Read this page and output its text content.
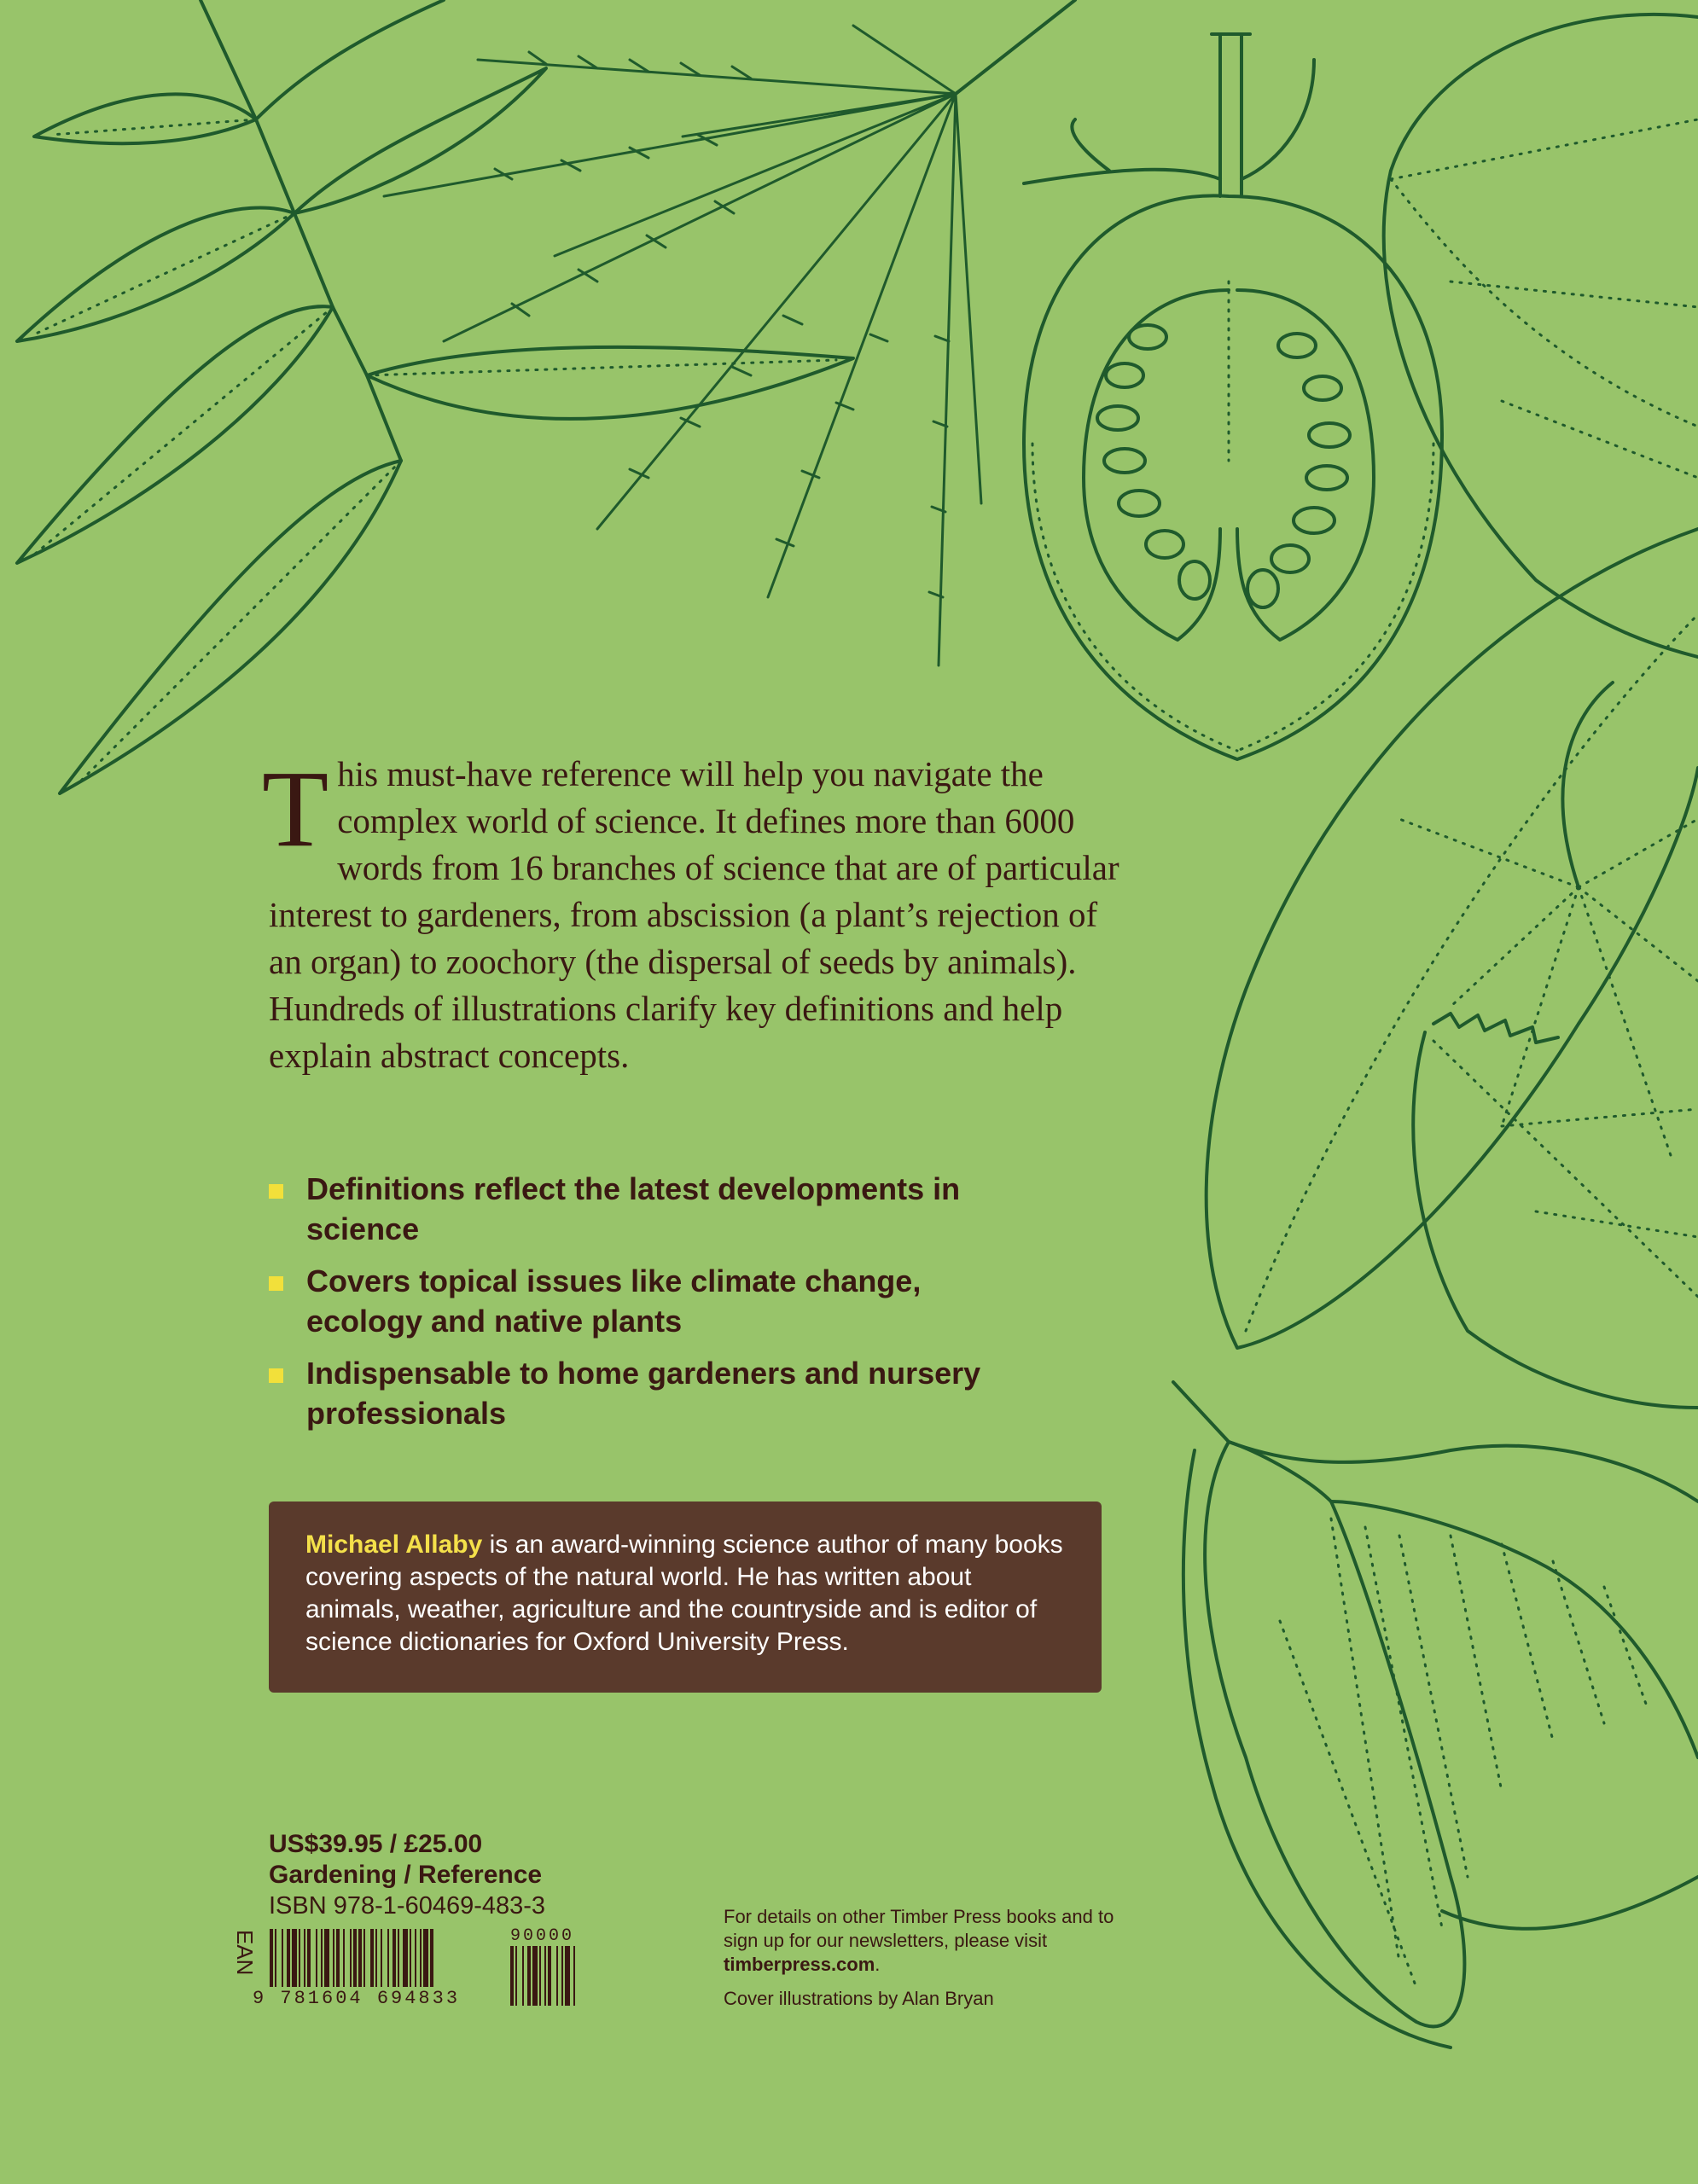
This must-have reference will help you navigate the complex world of science. It defines more than 6000 words from 16 branches of science that are of particular interest to gardeners, from abscission (a plant’s rejection of an organ) to zoochory (the dispersal of seeds by animals). Hundreds of illustrations clarify key definitions and help explain abstract concepts.

Definitions reflect the latest developments in science
Covers topical issues like climate change, ecology and native plants
Indispensable to home gardeners and nursery professionals
Michael Allaby is an award-winning science author of many books covering aspects of the natural world. He has written about animals, weather, agriculture and the countryside and is editor of science dictionaries for Oxford University Press.
US$39.95 / £25.00
Gardening / Reference
ISBN 978-1-60469-483-3
EAN	90000
9 781604 694833
For details on other Timber Press books and to sign up for our newsletters, please visit timberpress.com.
Cover illustrations by Alan Bryan
